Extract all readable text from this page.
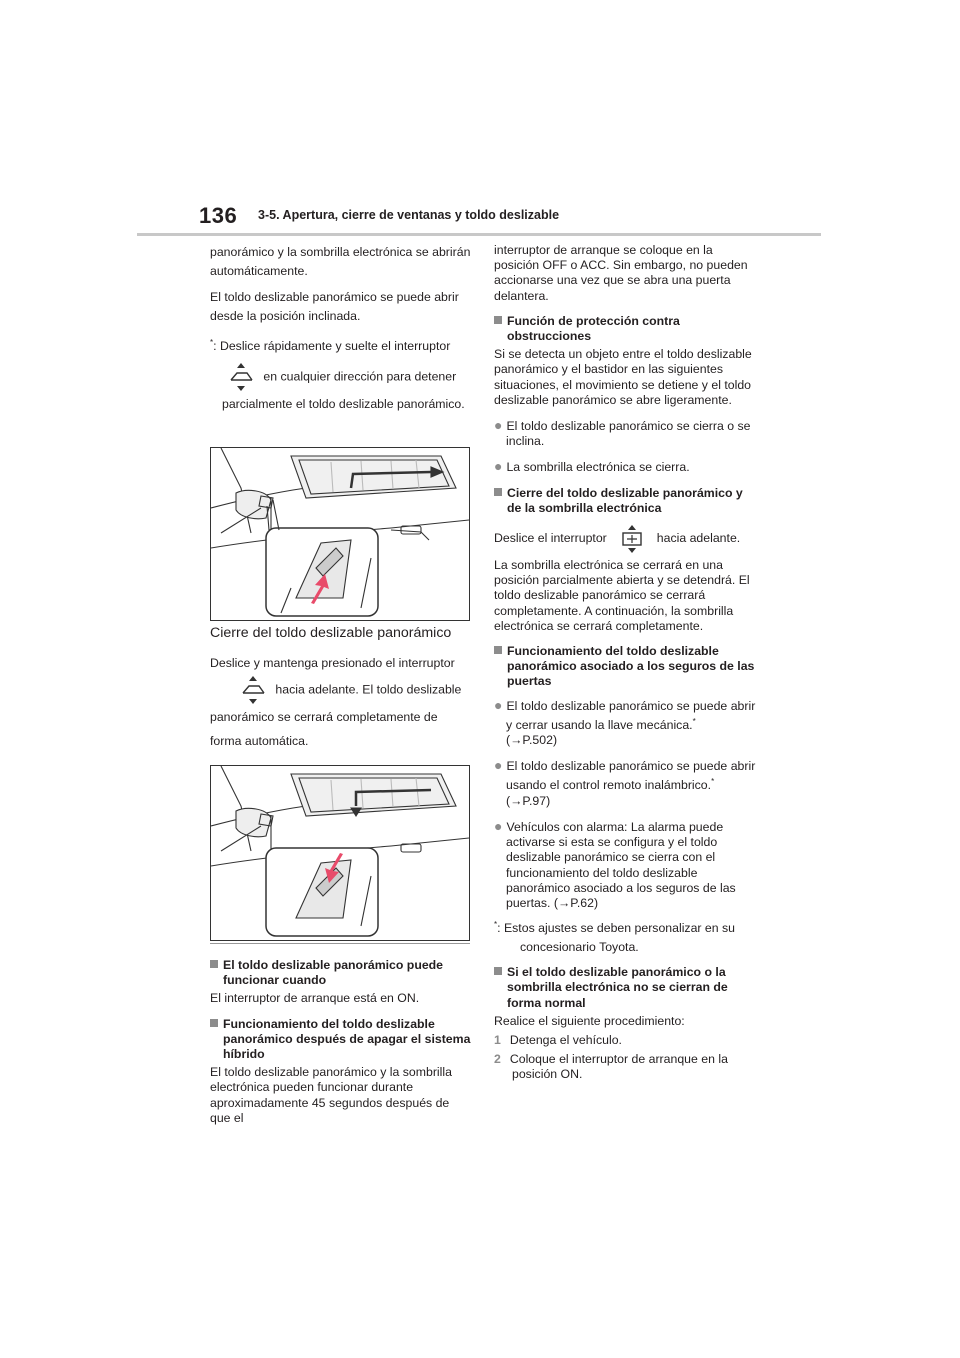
136 3-5. Apertura, cierre de ventanas y toldo deslizable

panorámico y la sombrilla electrónica se abrirán automáticamente.

El toldo deslizable panorámico se puede abrir desde la posición inclinada.

*: Deslice rápidamente y suelte el interruptor

en cualquier dirección para detener parcialmente el toldo deslizable panorámico.

Cierre del toldo deslizable panorámico

Deslice y mantenga presionado el interruptor

hacia adelante. El toldo deslizable panorámico se cerrará completamente de forma automática.

El toldo deslizable panorámico puede funcionar cuando

El interruptor de arranque está en ON.

Funcionamiento del toldo deslizable panorámico después de apagar el sistema híbrido

El toldo deslizable panorámico y la sombrilla electrónica pueden funcionar durante aproximadamente 45 segundos después de que el

interruptor de arranque se coloque en la posición OFF o ACC. Sin embargo, no pueden accionarse una vez que se abra una puerta delantera.

Función de protección contra obstrucciones

Si se detecta un objeto entre el toldo deslizable panorámico y el bastidor en las siguientes situaciones, el movimiento se detiene y el toldo deslizable panorámico se abre ligeramente.

● El toldo deslizable panorámico se cierra o se inclina.

● La sombrilla electrónica se cierra.

Cierre del toldo deslizable panorámico y de la sombrilla electrónica

Deslice el interruptor	hacia adelante.

La sombrilla electrónica se cerrará en una posición parcialmente abierta y se detendrá. El toldo deslizable panorámico se cerrará completamente. A continuación, la sombrilla electrónica se cerrará completamente.

Funcionamiento del toldo deslizable panorámico asociado a los seguros de las puertas

● El toldo deslizable panorámico se puede abrir y cerrar usando la llave mecánica.*
(→P.502)

● El toldo deslizable panorámico se puede abrir usando el control remoto inalámbrico.* (→P.97)

● Vehículos con alarma: La alarma puede activarse si esta se configura y el toldo deslizable panorámico se cierra con el funcionamiento del toldo deslizable panorámico asociado a los seguros de las puertas. (→P.62)

*: Estos ajustes se deben personalizar en su concesionario Toyota.

Si el toldo deslizable panorámico o la sombrilla electrónica no se cierran de forma normal

Realice el siguiente procedimiento:

1 Detenga el vehículo.

2 Coloque el interruptor de arranque en la posición ON.
